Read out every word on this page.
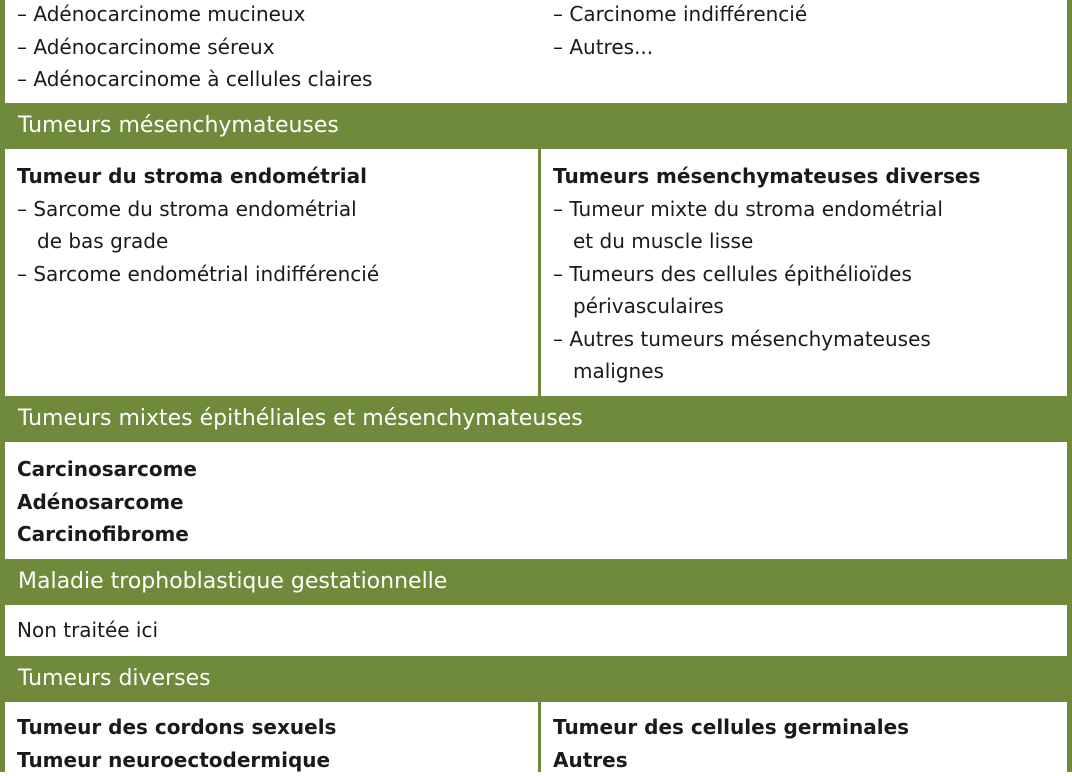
– Adénocarcinome mucineux
– Adénocarcinome séreux
– Adénocarcinome à cellules claires
– Carcinome indifférencié
– Autres...
Tumeurs mésenchymateuses
Tumeur du stroma endométrial
– Sarcome du stroma endométrial
de bas grade
– Sarcome endométrial indifférencié
Tumeurs mésenchymateuses diverses
– Tumeur mixte du stroma endométrial
et du muscle lisse
– Tumeurs des cellules épithélioïdes
périvasculaires
– Autres tumeurs mésenchymateuses
malignes
Tumeurs mixtes épithéliales et mésenchymateuses
Carcinosarcome
Adénosarcome
Carcinofibrome
Maladie trophoblastique gestationnelle
Non traitée ici
Tumeurs diverses
Tumeur des cordons sexuels
Tumeur neuroectodermique
Tumeur des cellules germinales
Autres
